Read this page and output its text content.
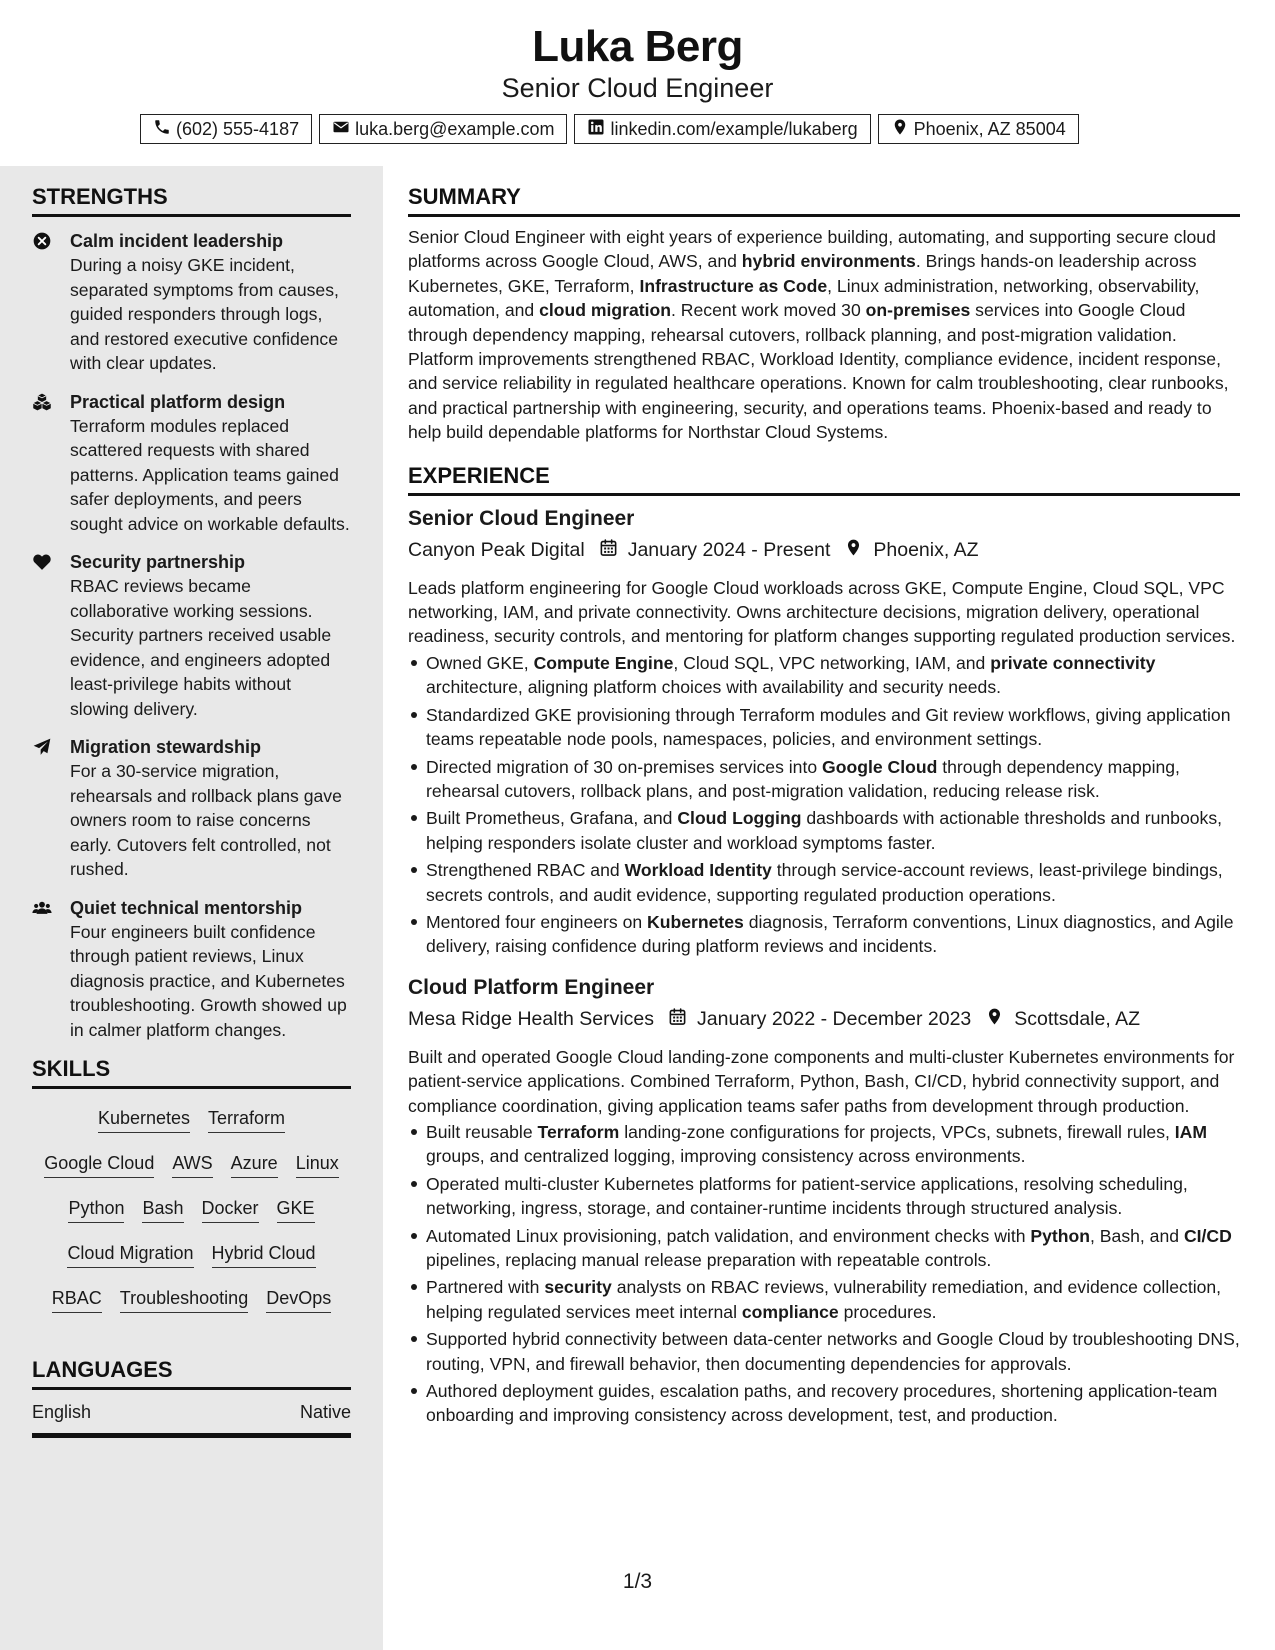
Luka Berg
Senior Cloud Engineer
(602) 555-4187	luka.berg@example.com	linkedin.com/example/lukaberg	Phoenix, AZ 85004
STRENGTHS
Calm incident leadership
During a noisy GKE incident, separated symptoms from causes, guided responders through logs, and restored executive confidence with clear updates.
Practical platform design
Terraform modules replaced scattered requests with shared patterns. Application teams gained safer deployments, and peers sought advice on workable defaults.
Security partnership
RBAC reviews became collaborative working sessions. Security partners received usable evidence, and engineers adopted least-privilege habits without slowing delivery.
Migration stewardship
For a 30-service migration, rehearsals and rollback plans gave owners room to raise concerns early. Cutovers felt controlled, not rushed.
Quiet technical mentorship
Four engineers built confidence through patient reviews, Linux diagnosis practice, and Kubernetes troubleshooting. Growth showed up in calmer platform changes.
SKILLS
Kubernetes Terraform
Google Cloud AWS Azure Linux
Python Bash Docker GKE
Cloud Migration Hybrid Cloud
RBAC Troubleshooting DevOps
LANGUAGES
English	Native
SUMMARY
Senior Cloud Engineer with eight years of experience building, automating, and supporting secure cloud platforms across Google Cloud, AWS, and hybrid environments. Brings hands-on leadership across Kubernetes, GKE, Terraform, Infrastructure as Code, Linux administration, networking, observability, automation, and cloud migration. Recent work moved 30 on-premises services into Google Cloud through dependency mapping, rehearsal cutovers, rollback planning, and post-migration validation. Platform improvements strengthened RBAC, Workload Identity, compliance evidence, incident response, and service reliability in regulated healthcare operations. Known for calm troubleshooting, clear runbooks, and practical partnership with engineering, security, and operations teams. Phoenix-based and ready to help build dependable platforms for Northstar Cloud Systems.
EXPERIENCE
Senior Cloud Engineer
Canyon Peak Digital January 2024 - Present Phoenix, AZ
Leads platform engineering for Google Cloud workloads across GKE, Compute Engine, Cloud SQL, VPC networking, IAM, and private connectivity. Owns architecture decisions, migration delivery, operational readiness, security controls, and mentoring for platform changes supporting regulated production services.
Owned GKE, Compute Engine, Cloud SQL, VPC networking, IAM, and private connectivity architecture, aligning platform choices with availability and security needs.
Standardized GKE provisioning through Terraform modules and Git review workflows, giving application teams repeatable node pools, namespaces, policies, and environment settings.
Directed migration of 30 on-premises services into Google Cloud through dependency mapping, rehearsal cutovers, rollback plans, and post-migration validation, reducing release risk.
Built Prometheus, Grafana, and Cloud Logging dashboards with actionable thresholds and runbooks, helping responders isolate cluster and workload symptoms faster.
Strengthened RBAC and Workload Identity through service-account reviews, least-privilege bindings, secrets controls, and audit evidence, supporting regulated production operations.
Mentored four engineers on Kubernetes diagnosis, Terraform conventions, Linux diagnostics, and Agile delivery, raising confidence during platform reviews and incidents.
Cloud Platform Engineer
Mesa Ridge Health Services January 2022 - December 2023 Scottsdale, AZ
Built and operated Google Cloud landing-zone components and multi-cluster Kubernetes environments for patient-service applications. Combined Terraform, Python, Bash, CI/CD, hybrid connectivity support, and compliance coordination, giving application teams safer paths from development through production.
Built reusable Terraform landing-zone configurations for projects, VPCs, subnets, firewall rules, IAM groups, and centralized logging, improving consistency across environments.
Operated multi-cluster Kubernetes platforms for patient-service applications, resolving scheduling, networking, ingress, storage, and container-runtime incidents through structured analysis.
Automated Linux provisioning, patch validation, and environment checks with Python, Bash, and CI/CD pipelines, replacing manual release preparation with repeatable controls.
Partnered with security analysts on RBAC reviews, vulnerability remediation, and evidence collection, helping regulated services meet internal compliance procedures.
Supported hybrid connectivity between data-center networks and Google Cloud by troubleshooting DNS, routing, VPN, and firewall behavior, then documenting dependencies for approvals.
Authored deployment guides, escalation paths, and recovery procedures, shortening application-team onboarding and improving consistency across development, test, and production.
1/3
